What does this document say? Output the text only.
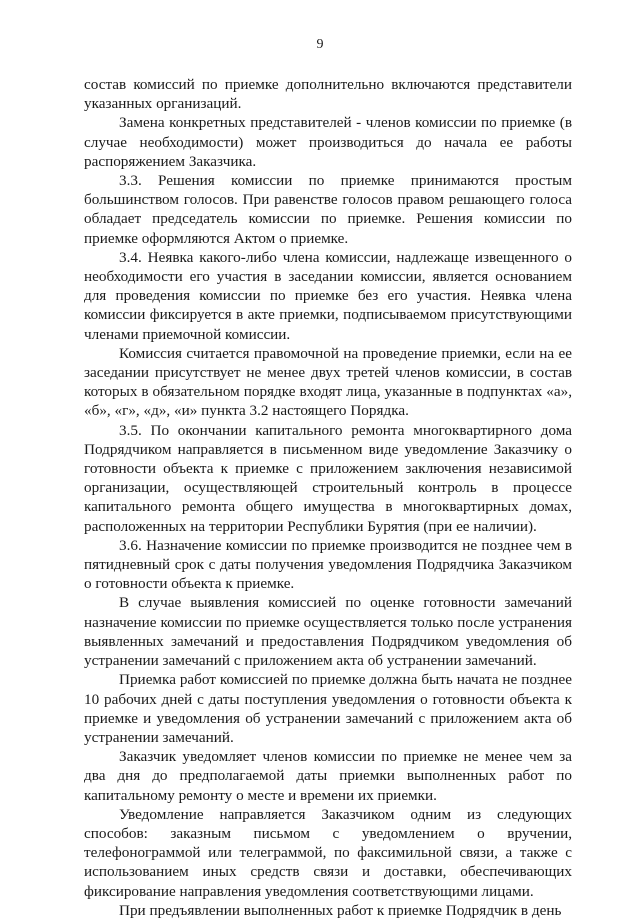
9

состав комиссий по приемке дополнительно включаются представители указанных организаций.

Замена конкретных представителей - членов комиссии по приемке (в случае необходимости) может производиться до начала ее работы распоряжением Заказчика.

3.3. Решения комиссии по приемке принимаются простым большинством голосов. При равенстве голосов правом решающего голоса обладает председатель комиссии по приемке. Решения комиссии по приемке оформляются Актом о приемке.

3.4. Неявка какого-либо члена комиссии, надлежаще извещенного о необходимости его участия в заседании комиссии, является основанием для проведения комиссии по приемке без его участия. Неявка члена комиссии фиксируется в акте приемки, подписываемом присутствующими членами приемочной комиссии.

Комиссия считается правомочной на проведение приемки, если на ее заседании присутствует не менее двух третей членов комиссии, в состав которых в обязательном порядке входят лица, указанные в подпунктах «а», «б», «г», «д», «и» пункта 3.2 настоящего Порядка.

3.5. По окончании капитального ремонта многоквартирного дома Подрядчиком направляется в письменном виде уведомление Заказчику о готовности объекта к приемке с приложением заключения независимой организации, осуществляющей строительный контроль в процессе капитального ремонта общего имущества в многоквартирных домах, расположенных на территории Республики Бурятия (при ее наличии).

3.6. Назначение комиссии по приемке производится не позднее чем в пятидневный срок с даты получения уведомления Подрядчика Заказчиком о готовности объекта к приемке.

В случае выявления комиссией по оценке готовности замечаний назначение комиссии по приемке осуществляется только после устранения выявленных замечаний и предоставления Подрядчиком уведомления об устранении замечаний с приложением акта об устранении замечаний.

Приемка работ комиссией по приемке должна быть начата не позднее 10 рабочих дней с даты поступления уведомления о готовности объекта к приемке и уведомления об устранении замечаний с приложением акта об устранении замечаний.

Заказчик уведомляет членов комиссии по приемке не менее чем за два дня до предполагаемой даты приемки выполненных работ по капитальному ремонту о месте и времени их приемки.

Уведомление направляется Заказчиком одним из следующих способов: заказным письмом с уведомлением о вручении, телефонограммой или телеграммой, по факсимильной связи, а также с использованием иных средств связи и доставки, обеспечивающих фиксирование направления уведомления соответствующими лицами.

При предъявлении выполненных работ к приемке Подрядчик в день
